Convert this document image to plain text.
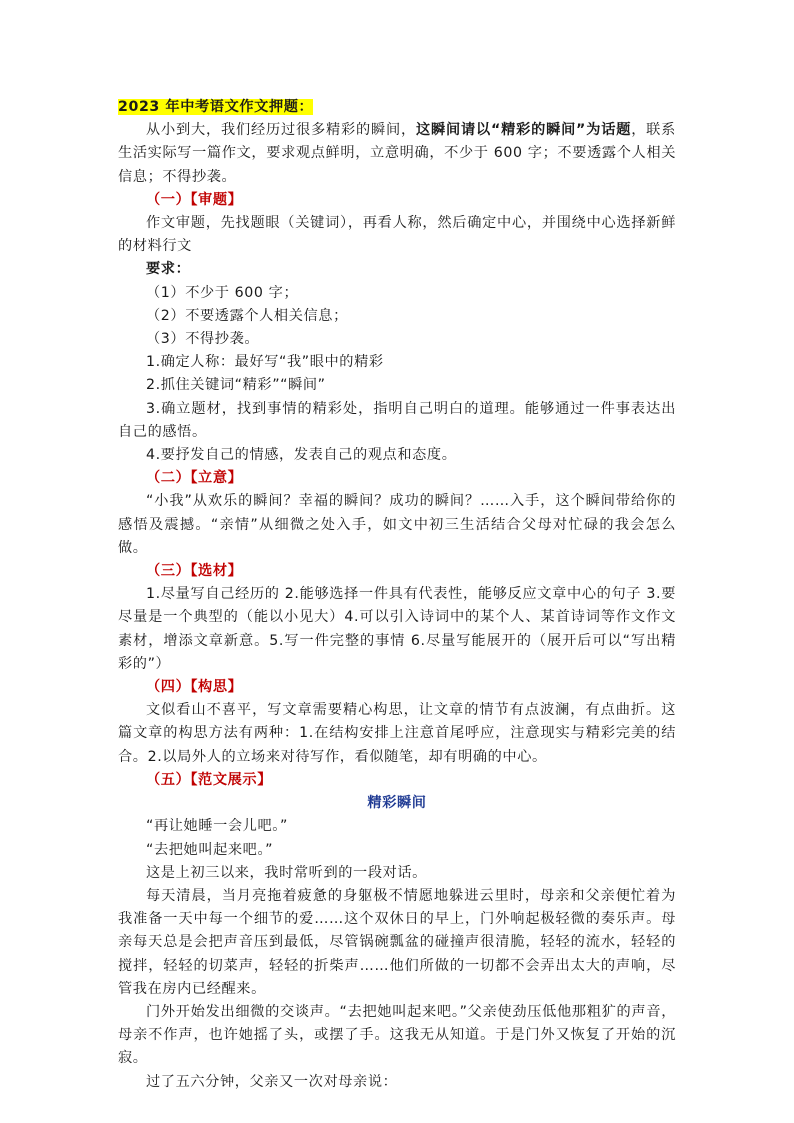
2023 年中考语文作文押题：

从小到大，我们经历过很多精彩的瞬间，这瞬间请以“精彩的瞬间”为话题，联系生活实际写一篇作文，要求观点鲜明，立意明确，不少于 600 字；不要透露个人相关信息；不得抄袭。

（一）【审题】

作文审题，先找题眼（关键词），再看人称，然后确定中心，并围绕中心选择新鲜的材料行文

要求：

（1）不少于 600 字；

（2）不要透露个人相关信息；

（3）不得抄袭。

1.确定人称：最好写“我”眼中的精彩

2.抓住关键词“精彩”“瞬间”

3.确立题材，找到事情的精彩处，指明自己明白的道理。能够通过一件事表达出自己的感悟。

4.要抒发自己的情感，发表自己的观点和态度。

（二）【立意】

“小我”从欢乐的瞬间？幸福的瞬间？成功的瞬间？……入手，这个瞬间带给你的感悟及震撼。“亲情”从细微之处入手，如文中初三生活结合父母对忙碌的我会怎么做。

（三）【选材】

1.尽量写自己经历的 2.能够选择一件具有代表性，能够反应文章中心的句子 3.要尽量是一个典型的（能以小见大）4.可以引入诗词中的某个人、某首诗词等作文作文素材，增添文章新意。5.写一件完整的事情 6.尽量写能展开的（展开后可以“写出精彩的”）

（四）【构思】

文似看山不喜平，写文章需要精心构思，让文章的情节有点波澜，有点曲折。这篇文章的构思方法有两种：1.在结构安排上注意首尾呼应，注意现实与精彩完美的结合。2.以局外人的立场来对待写作，看似随笔，却有明确的中心。

（五）【范文展示】

精彩瞬间

“再让她睡一会儿吧。”

“去把她叫起来吧。”

这是上初三以来，我时常听到的一段对话。

每天清晨，当月亮拖着疲惫的身躯极不情愿地躲进云里时，母亲和父亲便忙着为我准备一天中每一个细节的爱……这个双休日的早上，门外响起极轻微的奏乐声。母亲每天总是会把声音压到最低，尽管锅碗瓢盆的碰撞声很清脆，轻轻的流水，轻轻的搅拌，轻轻的切菜声，轻轻的折柴声……他们所做的一切都不会弄出太大的声响，尽管我在房内已经醒来。

门外开始发出细微的交谈声。“去把她叫起来吧。”父亲使劲压低他那粗犷的声音，母亲不作声，也许她摇了头，或摆了手。这我无从知道。于是门外又恢复了开始的沉寂。

过了五六分钟，父亲又一次对母亲说：
